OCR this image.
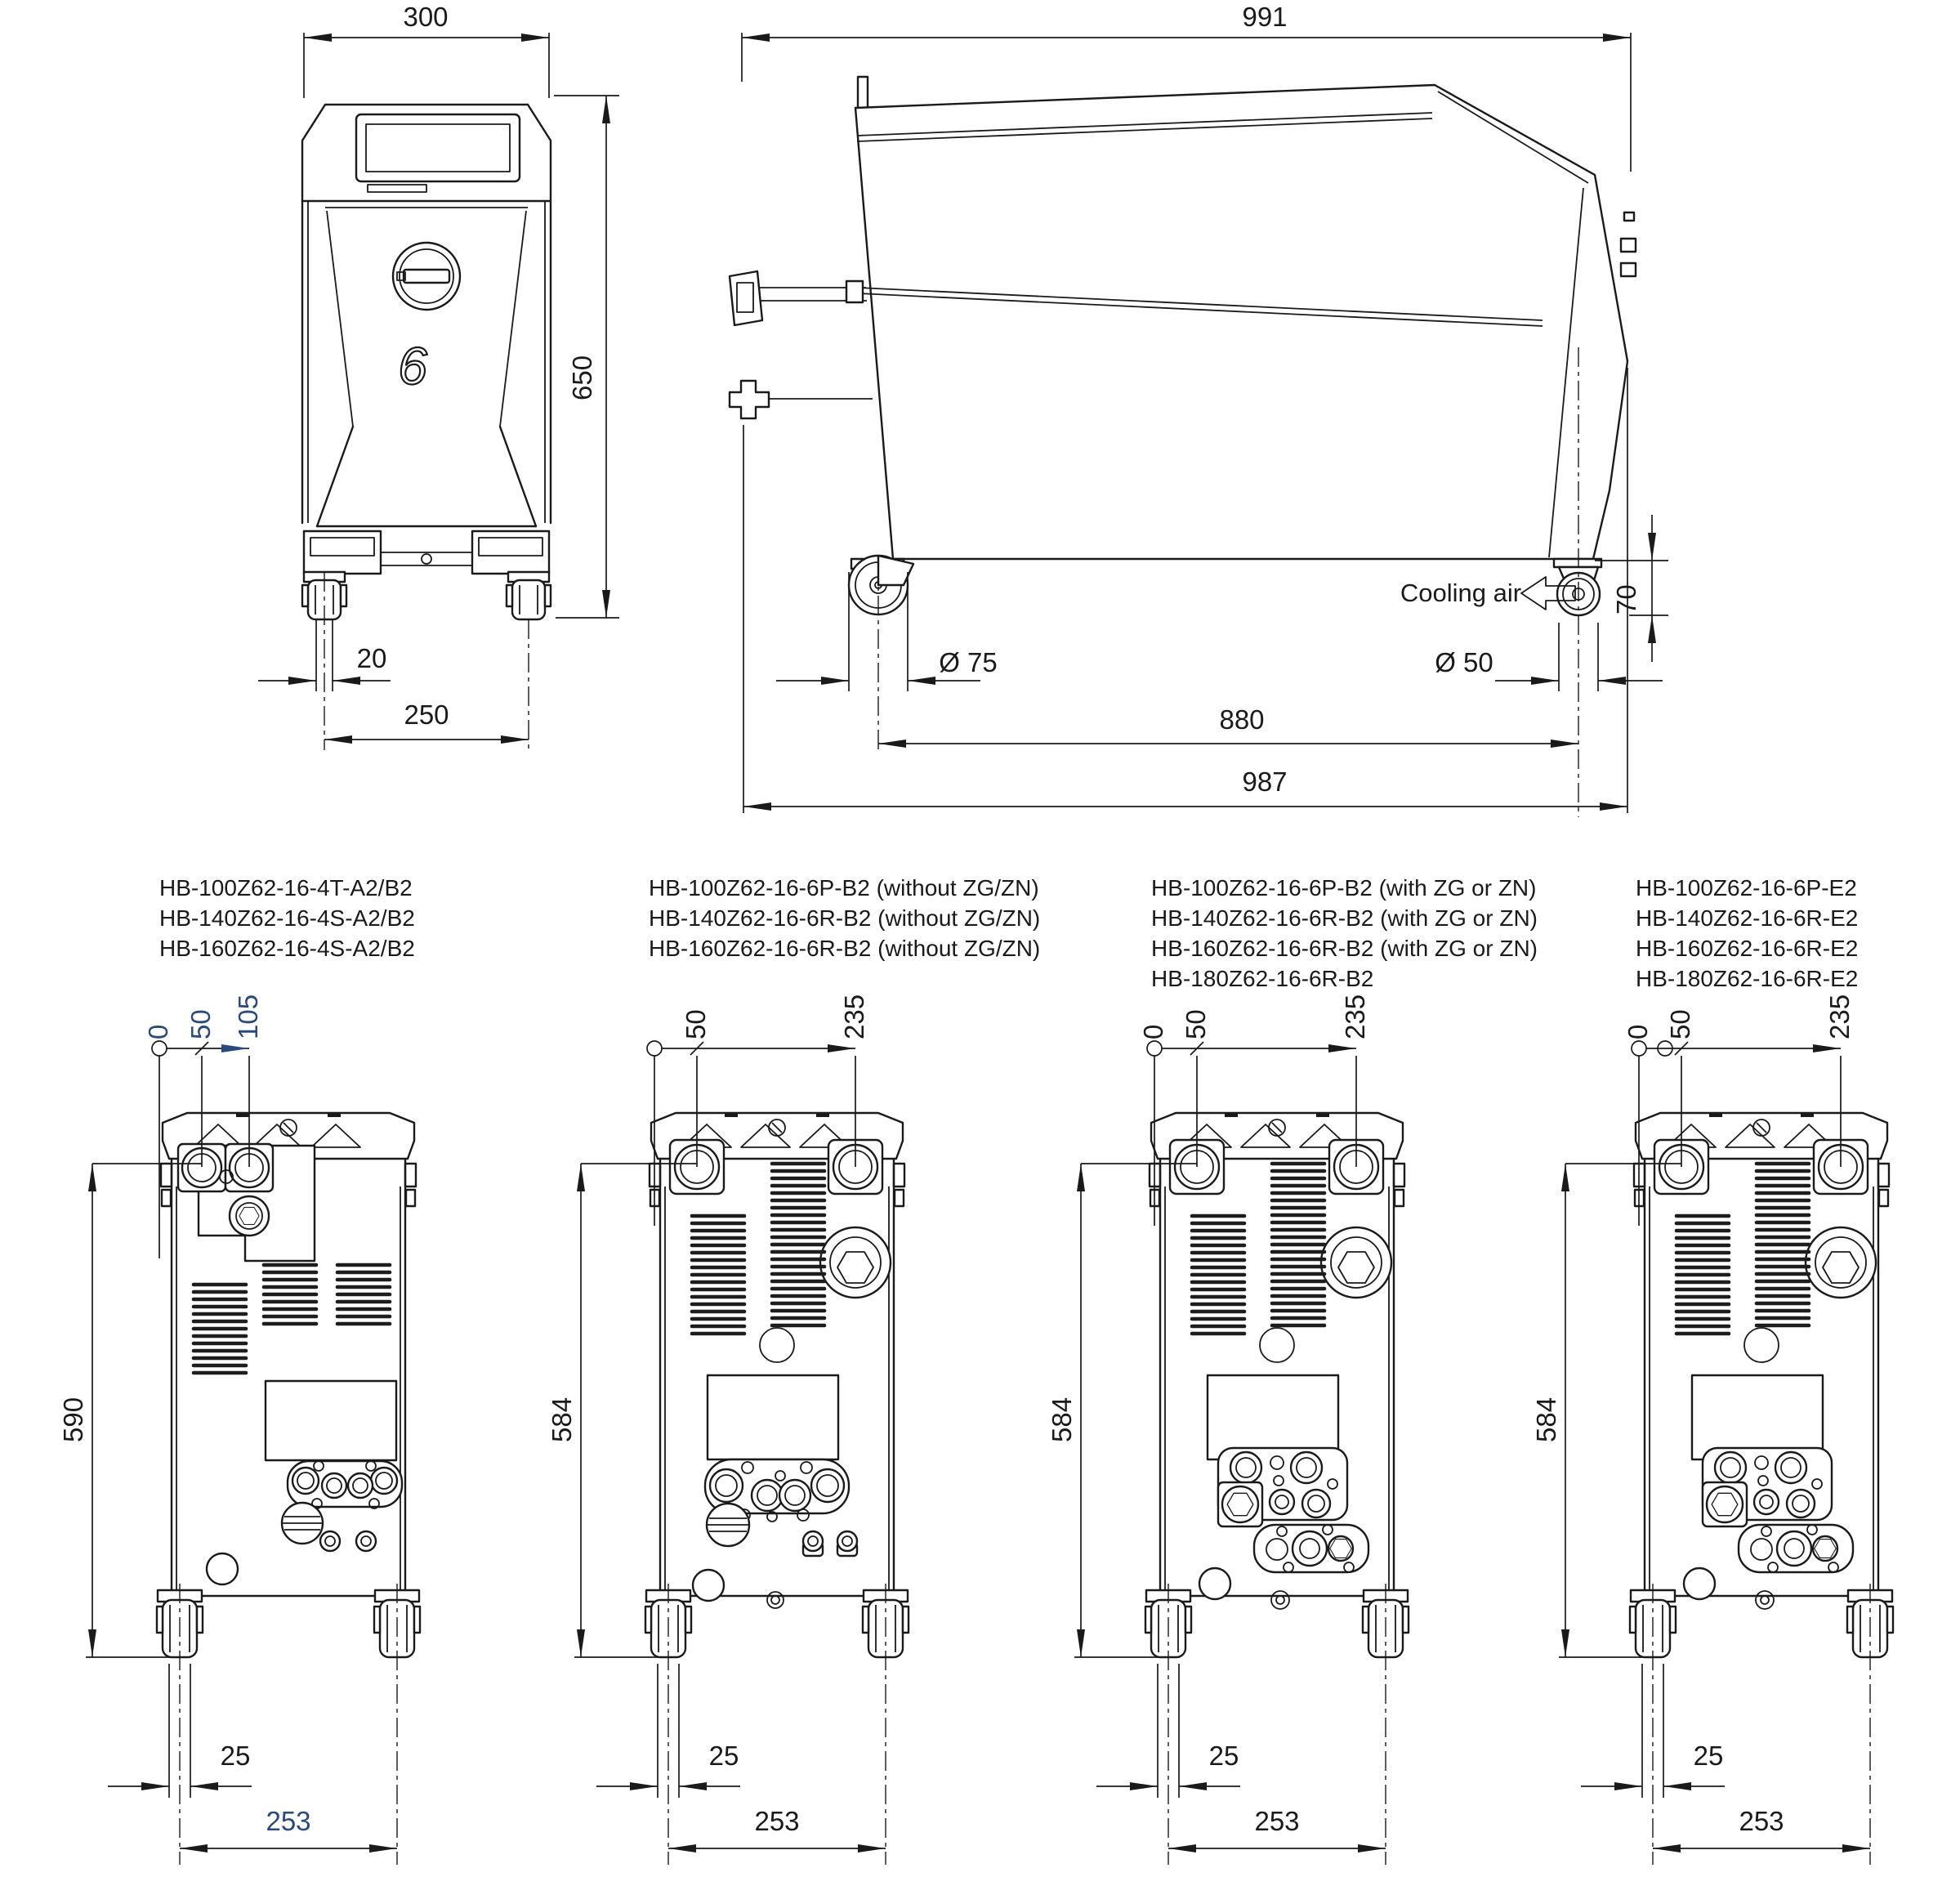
6
300
650
20
250
Cooling air
991
70
Ø 75	Ø 50
880
987
HB-100Z62-16-4T-A2/B2
HB-140Z62-16-4S-A2/B2
HB-160Z62-16-4S-A2/B2
HB-100Z62-16-6P-B2 (without ZG/ZN)
HB-140Z62-16-6R-B2 (without ZG/ZN)
HB-160Z62-16-6R-B2 (without ZG/ZN)
HB-100Z62-16-6P-B2 (with ZG or ZN)
HB-140Z62-16-6R-B2 (with ZG or ZN)
HB-160Z62-16-6R-B2 (with ZG or ZN)
HB-180Z62-16-6R-B2
HB-100Z62-16-6P-E2
HB-140Z62-16-6R-E2
HB-160Z62-16-6R-E2
HB-180Z62-16-6R-E2
0 50 105
590
25
253
50	235
584
25
253
0 50	235
584
25
253
0 50	235
584
25
253
